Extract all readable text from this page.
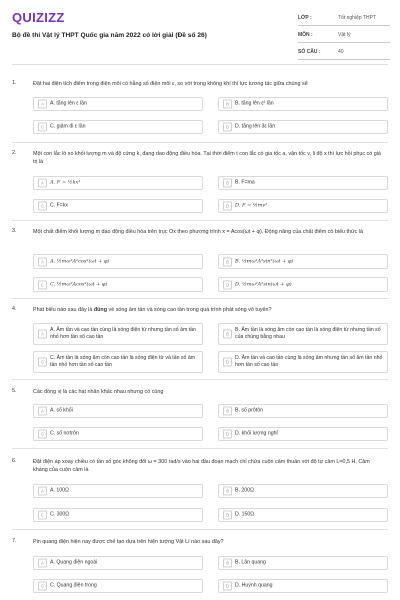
QUIZIZZ
Bộ đề thi Vật lý THPT Quốc gia năm 2022 có lời giải (Đề số 26)
LỚP :	Tốt nghiệp THPT
MÔN :	Vật lý
SỐ CÂU :	40
1.	Đặt hai điện tích điểm trong điện môi có hằng số điện môi ε, so với trong không khí thì lực tương tác giữa chúng sẽ
A	A. tăng lên ε lần	B	B. tăng lên ε² lần
C	C. giảm đi ε lần	D	D. tăng lên 3ε lần
2.	Một con lắc lò xo khối lượng m và độ cứng k, đang dao động điều hòa. Tại thời điểm t con lắc có gia tốc a, vận tốc v, li độ x thì lực hồi phục có giá trị là
A	A. F = ½kx²	B	B. F=ma
C	C. F=kx	D	D. F = ½mv²
3.	Một chất điểm khối lượng m dao động điều hòa trên trục Ox theo phương trình x = Acos(ωt + φ). Động năng của chất điểm có biểu thức là
A	A. ½mω²A²cos²(ωt + φ)	B	B. ½mω²A²sin²(ωt + φ)
C	C. ½mω²Acos²(ωt + φ)	D	D. ½mω²A²sin(ωt + φ)
4.	Phát biểu nào sau đây là đúng về sóng âm tần và sóng cao tần trong quá trình phát sóng vô tuyến?
A
A. Âm tần và cao tần cùng là sóng điện từ nhưng tần số âm tần nhỏ hơn tần số cao tần	B
B. Âm tần là sóng âm còn cao tần là sóng điện từ nhưng tần số của chúng bằng nhau
C
C. Âm tần là sóng âm còn cao tần là sóng điện từ và tần số âm tần nhỏ hơn tần số cao tần	D
D. Âm tần và cao tần cùng là sóng âm nhưng tần số âm tần nhỏ hơn tần số cao tần
5.	Các đồng vị là các hạt nhân khác nhau nhưng có cùng
A	A. số khối	B	B. số prôtôn
C	C. số nơtrôn	D	D. khối lượng nghỉ
6.	Đặt điện áp xoay chiều có tần số góc không đổi ω = 300 rad/s vào hai đầu đoạn mạch chỉ chứa cuộn cảm thuần với độ tự cảm L=0,5 H. Cảm kháng của cuộn cảm là
A	A. 100Ω	B	B. 200Ω
C	C. 300Ω	D	D. 150Ω
7.	Pin quang điện hiện nay được chế tạo dựa trên hiện tượng Vật Lí nào sau đây?
A	A. Quang điện ngoài	B	B. Lân quang
C	C. Quang điện trong	D	D. Huỳnh quang
